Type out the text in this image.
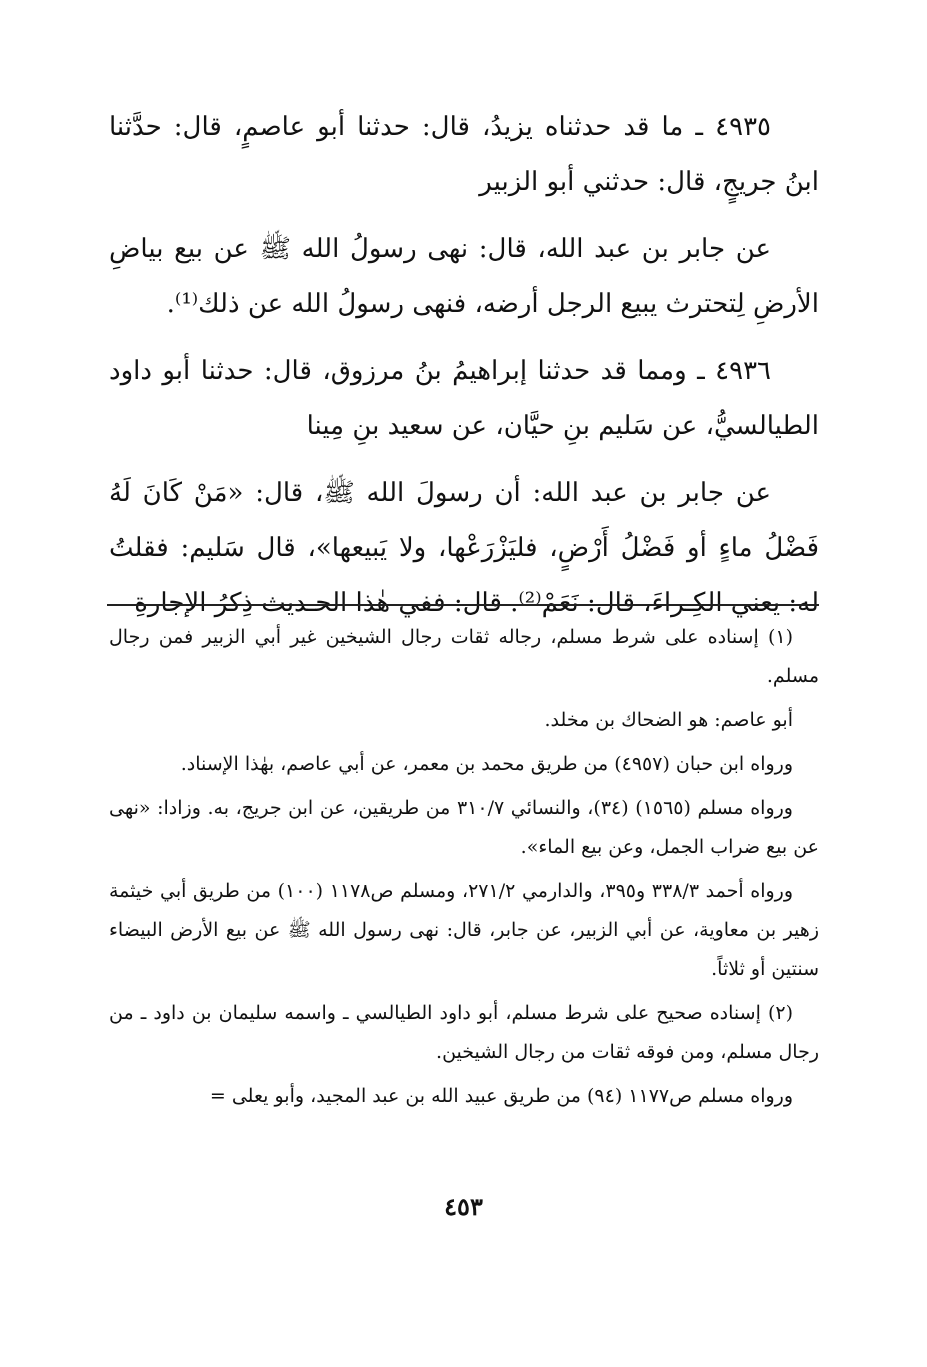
٤٩٣٥ ـ ما قد حدثناه يزيدُ، قال: حدثنا أبو عاصمٍ، قال: حدَّثنا ابنُ جريجٍ، قال: حدثني أبو الزبير

عن جابر بن عبد الله، قال: نهى رسولُ الله ﷺ عن بيع بياضِ الأرضِ لِتحترث يبيع الرجل أرضه، فنهى رسولُ الله عن ذلك⁽¹⁾.

٤٩٣٦ ـ ومما قد حدثنا إبراهيمُ بنُ مرزوق، قال: حدثنا أبو داود الطيالسيُّ، عن سَليم بنِ حيَّان، عن سعيد بنِ مِينا

عن جابر بن عبد الله: أن رسولَ الله ﷺ، قال: «مَنْ كَانَ لَهُ فَضْلُ ماءٍ أو فَضْلُ أَرْضٍ، فليَزْرَعْها، ولا يَبيعها»، قال سَليم: فقلتُ له: يعني الكِـراءَ، قال: نَعَمْ⁽²⁾. قال: ففي هٰذا الحـديث ذِكرُ الإجارةِ

(١) إسناده على شرط مسلم، رجاله ثقات رجال الشيخين غير أبي الزبير فمن رجال مسلم.

أبو عاصم: هو الضحاك بن مخلد.

ورواه ابن حبان (٤٩٥٧) من طريق محمد بن معمر، عن أبي عاصم، بهٰذا الإسناد.

ورواه مسلم (١٥٦٥) (٣٤)، والنسائي ٣١٠/٧ من طريقين، عن ابن جريج، به. وزادا: «نهى عن بيع ضراب الجمل، وعن بيع الماء».

ورواه أحمد ٣٣٨/٣ و٣٩٥، والدارمي ٢٧١/٢، ومسلم ص١١٧٨ (١٠٠) من طريق أبي خيثمة زهير بن معاوية، عن أبي الزبير، عن جابر، قال: نهى رسول الله ﷺ عن بيع الأرض البيضاء سنتين أو ثلاثاً.

(٢) إسناده صحيح على شرط مسلم، أبو داود الطيالسي ـ واسمه سليمان بن داود ـ من رجال مسلم، ومن فوقه ثقات من رجال الشيخين.

ورواه مسلم ص١١٧٧ (٩٤) من طريق عبيد الله بن عبد المجيد، وأبو يعلى =

٤٥٣
